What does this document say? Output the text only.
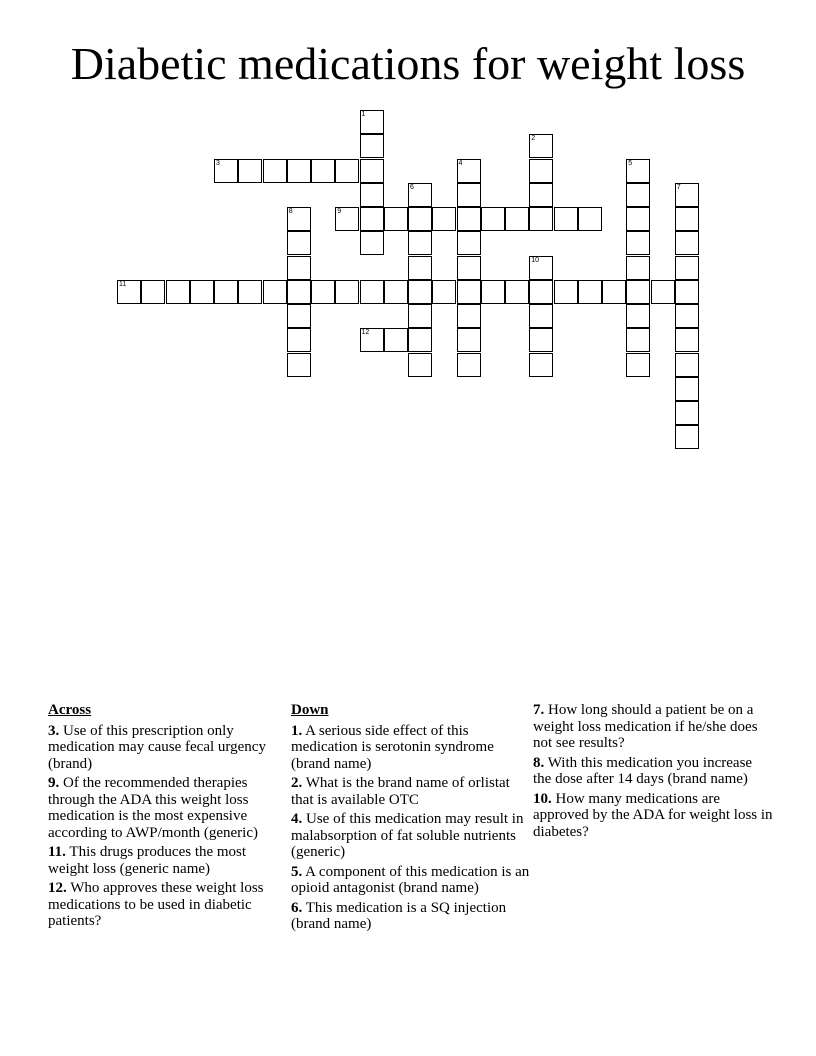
Diabetic medications for weight loss
3
9
11
12
1
2
4	5
6	7
8
10
Across
3. Use of this prescription only medication may cause fecal urgency (brand)
9. Of the recommended therapies through the ADA this weight loss medication is the most expensive according to AWP/month (generic)
11. This drugs produces the most weight loss (generic name)
12. Who approves these weight loss medications to be used in diabetic patients?
Down
1. A serious side effect of this medication is serotonin syndrome (brand name)
2. What is the brand name of orlistat that is available OTC
4. Use of this medication may result in malabsorption of fat soluble nutrients (generic)
5. A component of this medication is an opioid antagonist (brand name)
6. This medication is a SQ injection (brand name)
7. How long should a patient be on a weight loss medication if he/she does not see results?
8. With this medication you increase the dose after 14 days (brand name)
10. How many medications are approved by the ADA for weight loss in diabetes?
